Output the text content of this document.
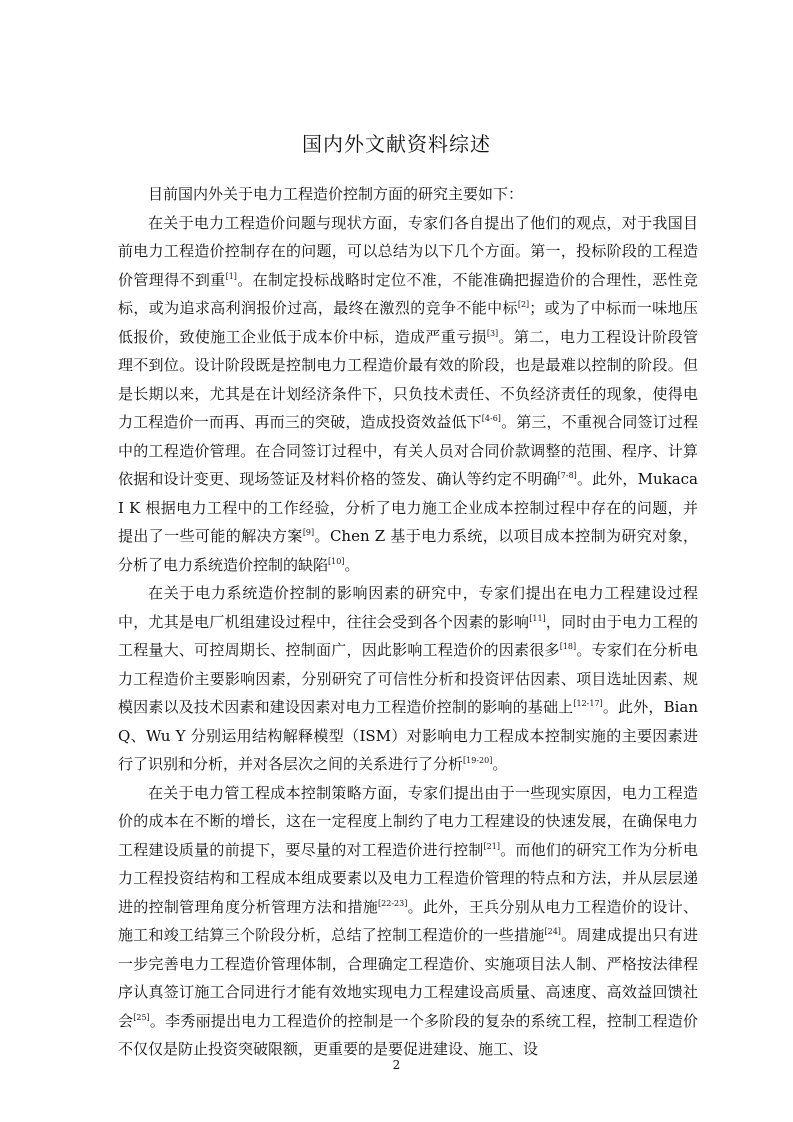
国内外文献资料综述

目前国内外关于电力工程造价控制方面的研究主要如下：

在关于电力工程造价问题与现状方面，专家们各自提出了他们的观点，对于我国目前电力工程造价控制存在的问题，可以总结为以下几个方面。第一，投标阶段的工程造价管理得不到重[1]。在制定投标战略时定位不准，不能准确把握造价的合理性，恶性竞标，或为追求高利润报价过高，最终在激烈的竞争不能中标[2]；或为了中标而一味地压低报价，致使施工企业低于成本价中标，造成严重亏损[3]。第二，电力工程设计阶段管理不到位。设计阶段既是控制电力工程造价最有效的阶段，也是最难以控制的阶段。但是长期以来，尤其是在计划经济条件下，只负技术责任、不负经济责任的现象，使得电力工程造价一而再、再而三的突破，造成投资效益低下[4-6]。第三，不重视合同签订过程中的工程造价管理。在合同签订过程中，有关人员对合同价款调整的范围、程序、计算依据和设计变更、现场签证及材料价格的签发、确认等约定不明确[7-8]。此外，Mukaca I K 根据电力工程中的工作经验，分析了电力施工企业成本控制过程中存在的问题，并提出了一些可能的解决方案[9]。Chen Z 基于电力系统，以项目成本控制为研究对象，分析了电力系统造价控制的缺陷[10]。

在关于电力系统造价控制的影响因素的研究中，专家们提出在电力工程建设过程中，尤其是电厂机组建设过程中，往往会受到各个因素的影响[11]，同时由于电力工程的工程量大、可控周期长、控制面广，因此影响工程造价的因素很多[18]。专家们在分析电力工程造价主要影响因素，分别研究了可信性分析和投资评估因素、项目选址因素、规模因素以及技术因素和建设因素对电力工程造价控制的影响的基础上[12-17]。此外，Bian Q、Wu Y 分别运用结构解释模型（ISM）对影响电力工程成本控制实施的主要因素进行了识别和分析，并对各层次之间的关系进行了分析[19-20]。

在关于电力管工程成本控制策略方面，专家们提出由于一些现实原因，电力工程造价的成本在不断的增长，这在一定程度上制约了电力工程建设的快速发展，在确保电力工程建设质量的前提下，要尽量的对工程造价进行控制[21]。而他们的研究工作为分析电力工程投资结构和工程成本组成要素以及电力工程造价管理的特点和方法，并从层层递进的控制管理角度分析管理方法和措施[22-23]。此外，王兵分别从电力工程造价的设计、施工和竣工结算三个阶段分析，总结了控制工程造价的一些措施[24]。周建成提出只有进一步完善电力工程造价管理体制，合理确定工程造价、实施项目法人制、严格按法律程序认真签订施工合同进行才能有效地实现电力工程建设高质量、高速度、高效益回馈社会[25]。李秀丽提出电力工程造价的控制是一个多阶段的复杂的系统工程，控制工程造价不仅仅是防止投资突破限额，更重要的是要促进建设、施工、设

2
